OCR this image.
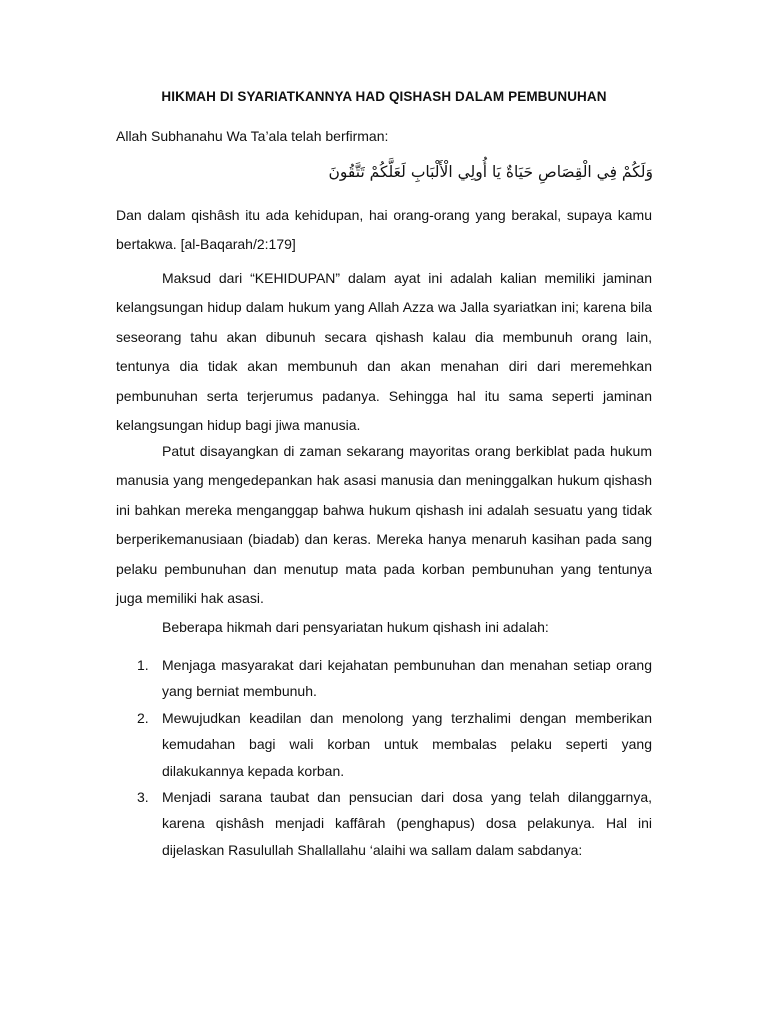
HIKMAH DI SYARIATKANNYA HAD QISHASH DALAM PEMBUNUHAN
Allah Subhanahu Wa Ta’ala telah berfirman:
وَلَكُمْ فِي الْقِصَاصِ حَيَاةٌ يَا أُولِي الْأَلْبَابِ لَعَلَّكُمْ تَتَّقُونَ
Dan dalam qishâsh itu ada kehidupan, hai orang-orang yang berakal, supaya kamu bertakwa. [al-Baqarah/2:179]
Maksud dari “KEHIDUPAN” dalam ayat ini adalah kalian memiliki jaminan kelangsungan hidup dalam hukum yang Allah Azza wa Jalla syariatkan ini; karena bila seseorang tahu akan dibunuh secara qishash kalau dia membunuh orang lain, tentunya dia tidak akan membunuh dan akan menahan diri dari meremehkan pembunuhan serta terjerumus padanya. Sehingga hal itu sama seperti jaminan kelangsungan hidup bagi jiwa manusia.
Patut disayangkan di zaman sekarang mayoritas orang berkiblat pada hukum manusia yang mengedepankan hak asasi manusia dan meninggalkan hukum qishash ini bahkan mereka menganggap bahwa hukum qishash ini adalah sesuatu yang tidak berperikemanusiaan (biadab) dan keras. Mereka hanya menaruh kasihan pada sang pelaku pembunuhan dan menutup mata pada korban pembunuhan yang tentunya juga memiliki hak asasi.
Beberapa hikmah dari pensyariatan hukum qishash ini adalah:
1. Menjaga masyarakat dari kejahatan pembunuhan dan menahan setiap orang yang berniat membunuh.
2. Mewujudkan keadilan dan menolong yang terzhalimi dengan memberikan kemudahan bagi wali korban untuk membalas pelaku seperti yang dilakukannya kepada korban.
3. Menjadi sarana taubat dan pensucian dari dosa yang telah dilanggarnya, karena qishâsh menjadi kaffârah (penghapus) dosa pelakunya. Hal ini dijelaskan Rasulullah Shallallahu ‘alaihi wa sallam dalam sabdanya:
